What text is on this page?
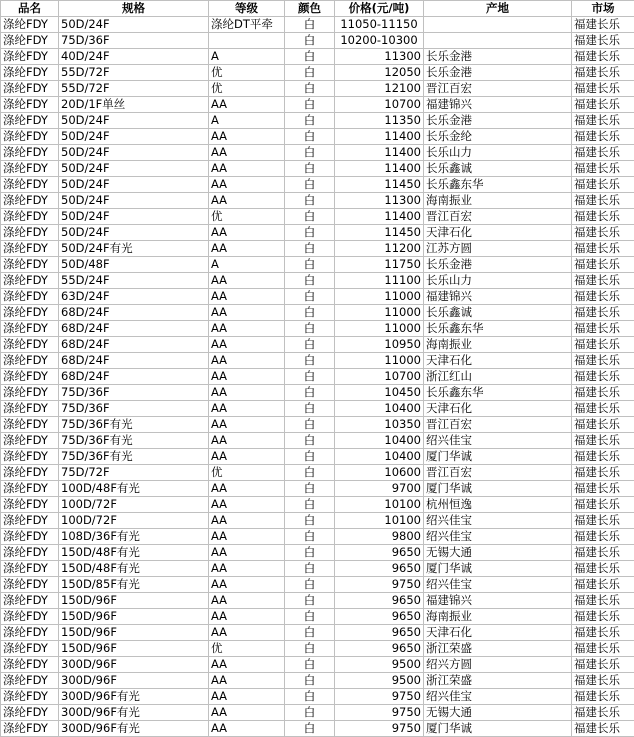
品名	规格	等级	颜色	价格(元/吨)	产地	市场
涤纶FDY	50D/24F	涤纶DT平牵	白	11050-11150		福建长乐
涤纶FDY	75D/36F		白	10200-10300		福建长乐
涤纶FDY	40D/24F	A	白	11300	长乐金港	福建长乐
涤纶FDY	55D/72F	优	白	12050	长乐金港	福建长乐
涤纶FDY	55D/72F	优	白	12100	晋江百宏	福建长乐
涤纶FDY	20D/1F单丝	AA	白	10700	福建锦兴	福建长乐
涤纶FDY	50D/24F	A	白	11350	长乐金港	福建长乐
涤纶FDY	50D/24F	AA	白	11400	长乐金纶	福建长乐
涤纶FDY	50D/24F	AA	白	11400	长乐山力	福建长乐
涤纶FDY	50D/24F	AA	白	11400	长乐鑫诚	福建长乐
涤纶FDY	50D/24F	AA	白	11450	长乐鑫东华	福建长乐
涤纶FDY	50D/24F	AA	白	11300	海南振业	福建长乐
涤纶FDY	50D/24F	优	白	11400	晋江百宏	福建长乐
涤纶FDY	50D/24F	AA	白	11450	天津石化	福建长乐
涤纶FDY	50D/24F有光	AA	白	11200	江苏方圆	福建长乐
涤纶FDY	50D/48F	A	白	11750	长乐金港	福建长乐
涤纶FDY	55D/24F	AA	白	11100	长乐山力	福建长乐
涤纶FDY	63D/24F	AA	白	11000	福建锦兴	福建长乐
涤纶FDY	68D/24F	AA	白	11000	长乐鑫诚	福建长乐
涤纶FDY	68D/24F	AA	白	11000	长乐鑫东华	福建长乐
涤纶FDY	68D/24F	AA	白	10950	海南振业	福建长乐
涤纶FDY	68D/24F	AA	白	11000	天津石化	福建长乐
涤纶FDY	68D/24F	AA	白	10700	浙江红山	福建长乐
涤纶FDY	75D/36F	AA	白	10450	长乐鑫东华	福建长乐
涤纶FDY	75D/36F	AA	白	10400	天津石化	福建长乐
涤纶FDY	75D/36F有光	AA	白	10350	晋江百宏	福建长乐
涤纶FDY	75D/36F有光	AA	白	10400	绍兴佳宝	福建长乐
涤纶FDY	75D/36F有光	AA	白	10400	厦门华诚	福建长乐
涤纶FDY	75D/72F	优	白	10600	晋江百宏	福建长乐
涤纶FDY	100D/48F有光	AA	白	9700	厦门华诚	福建长乐
涤纶FDY	100D/72F	AA	白	10100	杭州恒逸	福建长乐
涤纶FDY	100D/72F	AA	白	10100	绍兴佳宝	福建长乐
涤纶FDY	108D/36F有光	AA	白	9800	绍兴佳宝	福建长乐
涤纶FDY	150D/48F有光	AA	白	9650	无锡大通	福建长乐
涤纶FDY	150D/48F有光	AA	白	9650	厦门华诚	福建长乐
涤纶FDY	150D/85F有光	AA	白	9750	绍兴佳宝	福建长乐
涤纶FDY	150D/96F	AA	白	9650	福建锦兴	福建长乐
涤纶FDY	150D/96F	AA	白	9650	海南振业	福建长乐
涤纶FDY	150D/96F	AA	白	9650	天津石化	福建长乐
涤纶FDY	150D/96F	优	白	9650	浙江荣盛	福建长乐
涤纶FDY	300D/96F	AA	白	9500	绍兴方圆	福建长乐
涤纶FDY	300D/96F	AA	白	9500	浙江荣盛	福建长乐
涤纶FDY	300D/96F有光	AA	白	9750	绍兴佳宝	福建长乐
涤纶FDY	300D/96F有光	AA	白	9750	无锡大通	福建长乐
涤纶FDY	300D/96F有光	AA	白	9750	厦门华诚	福建长乐
